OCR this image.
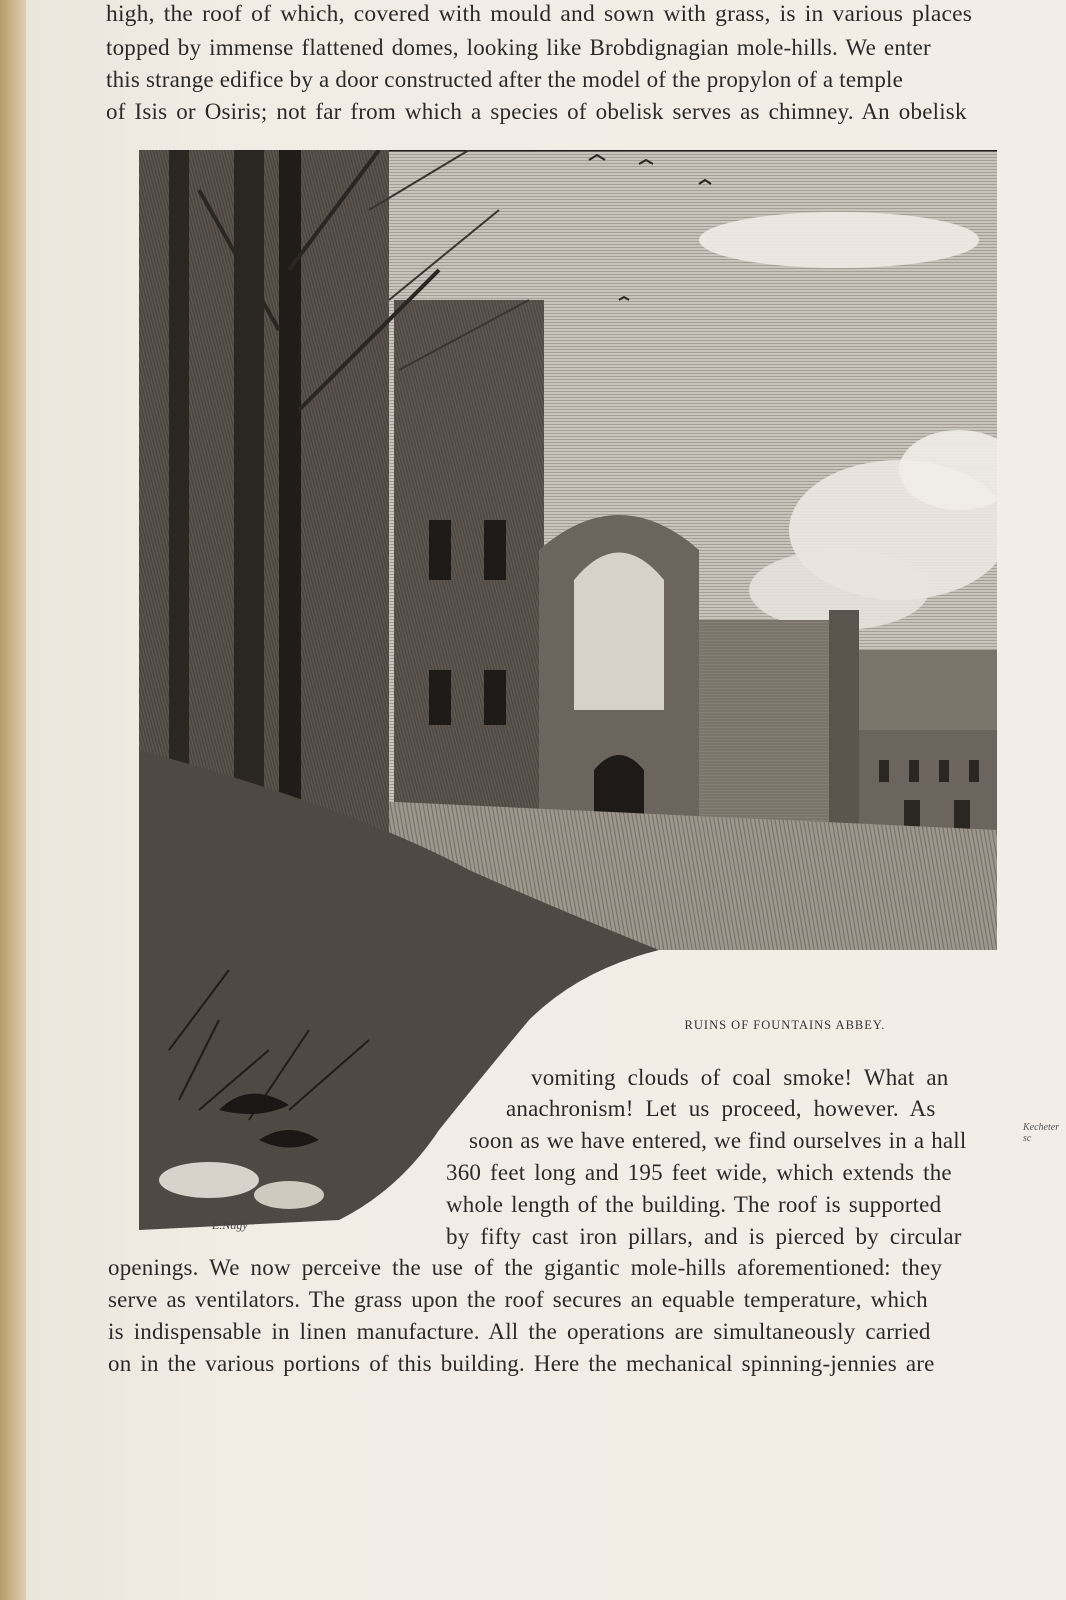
high, the roof of which, covered with mould and sown with grass, is in various places
topped by immense flattened domes, looking like Brobdignagian mole-hills. We enter
this strange edifice by a door constructed after the model of the propylon of a temple
of Isis or Osiris; not far from which a species of obelisk serves as chimney. An obelisk
Kecheter sc
RUINS OF FOUNTAINS ABBEY.
vomiting clouds of coal smoke! What an
anachronism! Let us proceed, however. As
soon as we have entered, we find ourselves in a hall
360 feet long and 195 feet wide, which extends the
whole length of the building. The roof is supported
by fifty cast iron pillars, and is pierced by circular
openings. We now perceive the use of the gigantic mole-hills aforementioned: they
serve as ventilators. The grass upon the roof secures an equable temperature, which
is indispensable in linen manufacture. All the operations are simultaneously carried
on in the various portions of this building. Here the mechanical spinning-jennies are
E.Nagy
